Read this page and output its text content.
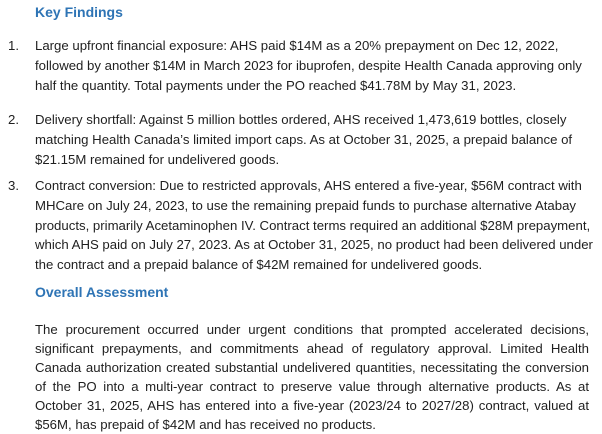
Key Findings
1.	Large upfront financial exposure: AHS paid $14M as a 20% prepayment on Dec 12, 2022, followed by another $14M in March 2023 for ibuprofen, despite Health Canada approving only half the quantity. Total payments under the PO reached $41.78M by May 31, 2023.
2.	Delivery shortfall: Against 5 million bottles ordered, AHS received 1,473,619 bottles, closely matching Health Canada’s limited import caps. As at October 31, 2025, a prepaid balance of $21.15M remained for undelivered goods.
3.	Contract conversion: Due to restricted approvals, AHS entered a five-year, $56M contract with MHCare on July 24, 2023, to use the remaining prepaid funds to purchase alternative Atabay products, primarily Acetaminophen IV. Contract terms required an additional $28M prepayment, which AHS paid on July 27, 2023. As at October 31, 2025, no product had been delivered under the contract and a prepaid balance of $42M remained for undelivered goods.
Overall Assessment

The procurement occurred under urgent conditions that prompted accelerated decisions, significant prepayments, and commitments ahead of regulatory approval. Limited Health Canada authorization created substantial undelivered quantities, necessitating the conversion of the PO into a multi-year contract to preserve value through alternative products. As at October 31, 2025, AHS has entered into a five-year (2023/24 to 2027/28) contract, valued at $56M, has prepaid of $42M and has received no products.
